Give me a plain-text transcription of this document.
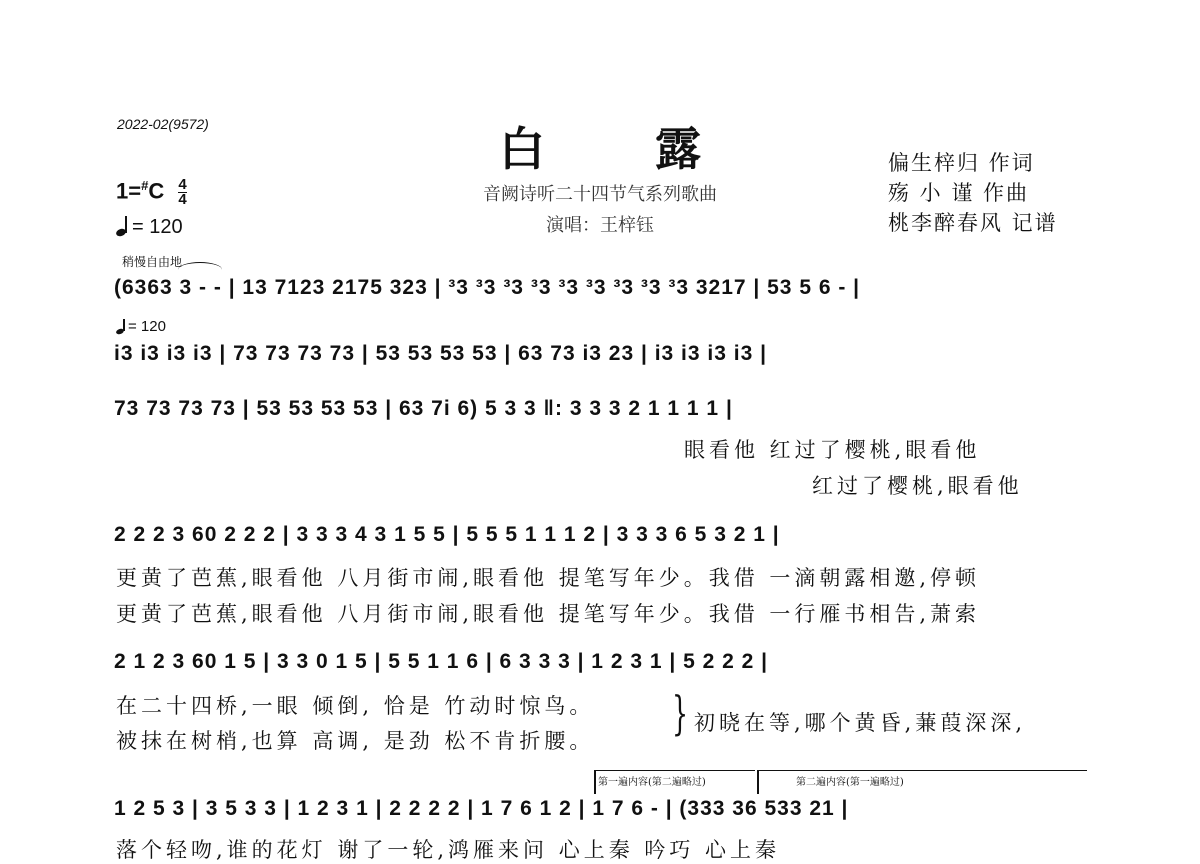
2022-02(9572)	白露
音阙诗听二十四节气系列歌曲
演唱：王梓钰
偏生梓归 作词
殇 小 谨 作曲
桃李醉春风 记谱
$1=^{\#}C \frac{4}{4}$
= 120
稍慢自由地
= 120
(6363 3 - - | 13 7123 2175 323 | ³3 ³3 ³3 ³3 ³3 ³3 ³3 ³3 ³3 3217 | 53 5 6 - |
i3 i3 i3 i3 | 73 73 73 73 | 53 53 53 53 | 63 73 i3 23 | i3 i3 i3 i3 |
73 73 73 73 | 53 53 53 53 | 63 7i 6) 5 3 3 ‖: 3 3 3 2 1 1 1 1 |
眼看他 红过了樱桃,眼看他
红过了樱桃,眼看他
2 2 2 3 60 2 2 2 | 3 3 3 4 3 1 5 5 | 5 5 5 1 1 1 2 | 3 3 3 6 5 3 2 1 |
更黄了芭蕉,眼看他 八月街市闹,眼看他 提笔写年少。我借 一滴朝露相邀,停顿
更黄了芭蕉,眼看他 八月街市闹,眼看他 提笔写年少。我借 一行雁书相告,萧索
2 1 2 3 60 1 5 | 3 3 0 1 5 | 5 5 1 1 6 | 6 3 3 3 | 1 2 3 1 | 5 2 2 2 |
在二十四桥,一眼 倾倒, 恰是 竹动时惊鸟。
被抹在树梢,也算 高调, 是劲 松不肯折腰。
} 初晓在等,哪个黄昏,蒹葭深深,
第一遍内容(第二遍略过)	第二遍内容(第一遍略过)
1 2 5 3 | 3 5 3 3 | 1 2 3 1 | 2 2 2 2 | 1 7 6 1 2 | 1 7 6 - | (333 36 533 21 |
落个轻吻,谁的花灯 谢了一轮,鸿雁来问 心上秦 吟巧 心上秦
